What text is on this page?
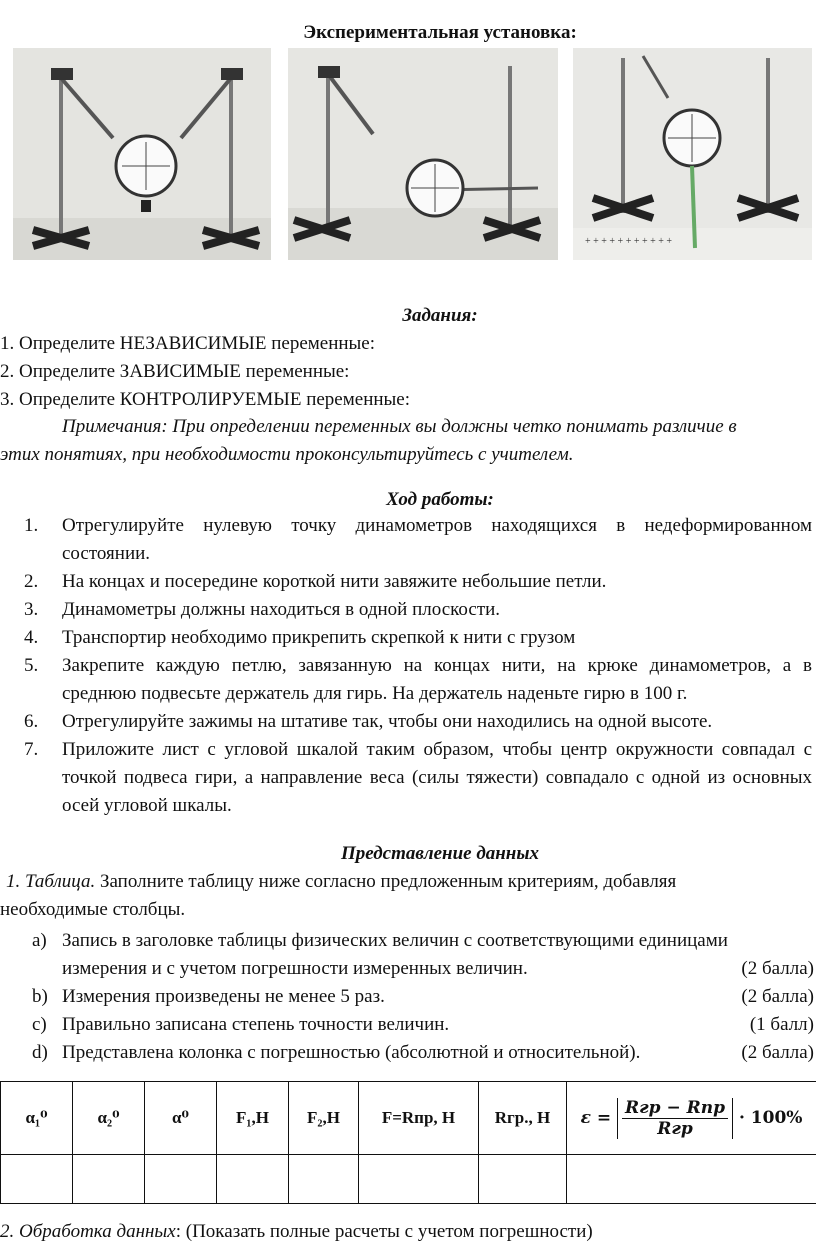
Экспериментальная установка:
+ + + + + + + + + + +
Задания:
1. Определите НЕЗАВИСИМЫЕ переменные:
2. Определите ЗАВИСИМЫЕ переменные:
3. Определите КОНТРОЛИРУЕМЫЕ переменные:
Примечания: При определении переменных вы должны четко понимать различие в
этих понятиях, при необходимости проконсультируйтесь с учителем.
Ход работы:
1. Отрегулируйте нулевую точку динамометров находящихся в недеформированном состоянии.
2. На концах и посередине короткой нити завяжите небольшие петли.
3. Динамометры должны находиться в одной плоскости.
4. Транспортир необходимо прикрепить скрепкой к нити с грузом
5. Закрепите каждую петлю, завязанную на концах нити, на крюке динамометров, а в среднюю подвесьте держатель для гирь. На держатель наденьте гирю в 100 г.
6. Отрегулируйте зажимы на штативе так, чтобы они находились на одной высоте.
7. Приложите лист с угловой шкалой таким образом, чтобы центр окружности совпадал с точкой подвеса гири, а направление веса (силы тяжести) совпадало с одной из основных осей угловой шкалы.
Представление данных
1. Таблица. Заполните таблицу ниже согласно предложенным критериям, добавляя
необходимые столбцы.
a) Запись в заголовке таблицы физических величин с соответствующими единицами
измерения и с учетом погрешности измеренных величин.	(2 балла)
b) Измерения произведены не менее 5 раз.	(2 балла)
c) Правильно записана степень точности величин.	(1 балл)
d) Представлена колонка с погрешностью (абсолютной и относительной).	(2 балла)
α₁⁰	α₂⁰	α⁰	F₁,Н	F₂,Н	F=Rпр, Н	Rгр., Н	$\varepsilon = \frac{\text{Rгр − Rпр}}{\text{Rгр}} \cdot 100\%$

2. Обработка данных: (Показать полные расчеты с учетом погрешности)
